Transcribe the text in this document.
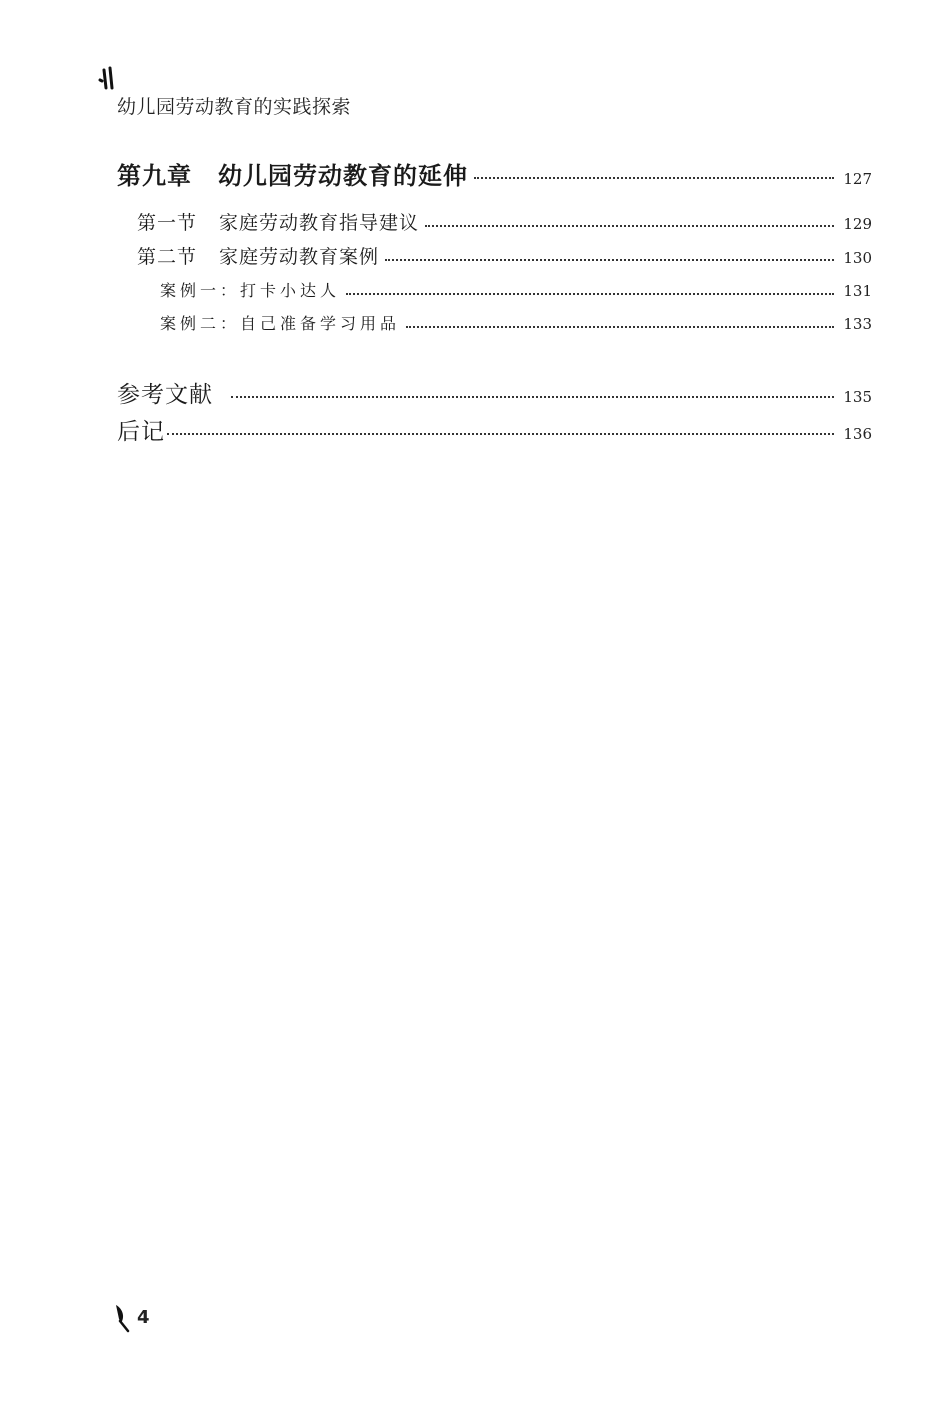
幼儿园劳动教育的实践探索
第九章 幼儿园劳动教育的延伸	127
第一节 家庭劳动教育指导建议	129
第二节 家庭劳动教育案例	130
案例一：打卡小达人	131
案例二：自己准备学习用品	133
参考文献	135
后记	136
4
